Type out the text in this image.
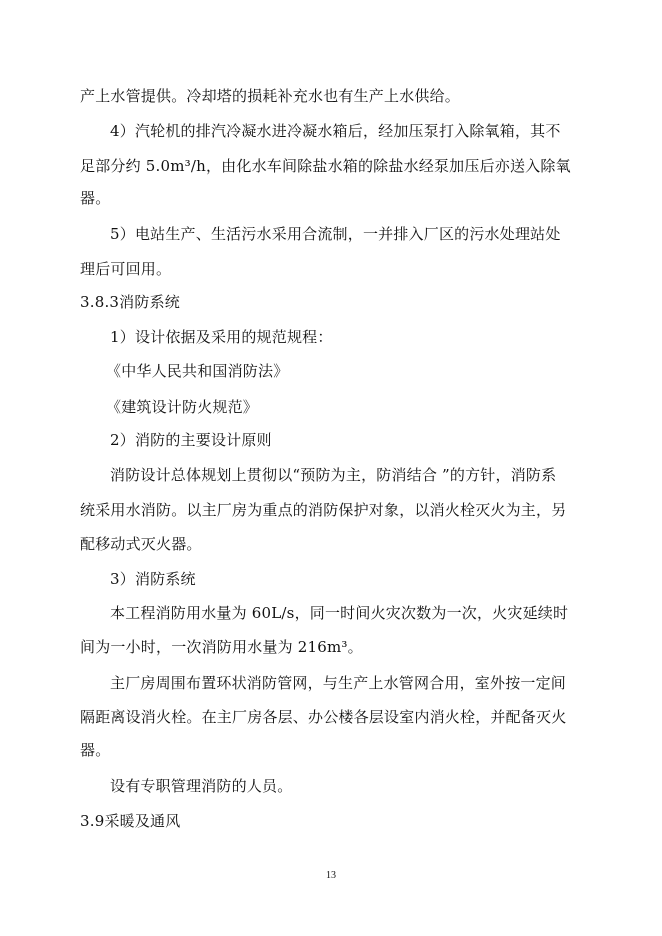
产上水管提供。冷却塔的损耗补充水也有生产上水供给。
4）汽轮机的排汽冷凝水进冷凝水箱后，经加压泵打入除氧箱，其不
足部分约 5.0m³/h，由化水车间除盐水箱的除盐水经泵加压后亦送入除氧
器。
5）电站生产、生活污水采用合流制，一并排入厂区的污水处理站处
理后可回用。
3.8.3消防系统
1）设计依据及采用的规范规程：
《中华人民共和国消防法》
《建筑设计防火规范》
2）消防的主要设计原则
消防设计总体规划上贯彻以“预防为主，防消结合 ”的方针，消防系
统采用水消防。以主厂房为重点的消防保护对象，以消火栓灭火为主，另
配移动式灭火器。
3）消防系统
本工程消防用水量为 60L/s，同一时间火灾次数为一次，火灾延续时
间为一小时，一次消防用水量为 216m³。
主厂房周围布置环状消防管网，与生产上水管网合用，室外按一定间
隔距离设消火栓。在主厂房各层、办公楼各层设室内消火栓，并配备灭火
器。
设有专职管理消防的人员。
3.9采暖及通风
13
